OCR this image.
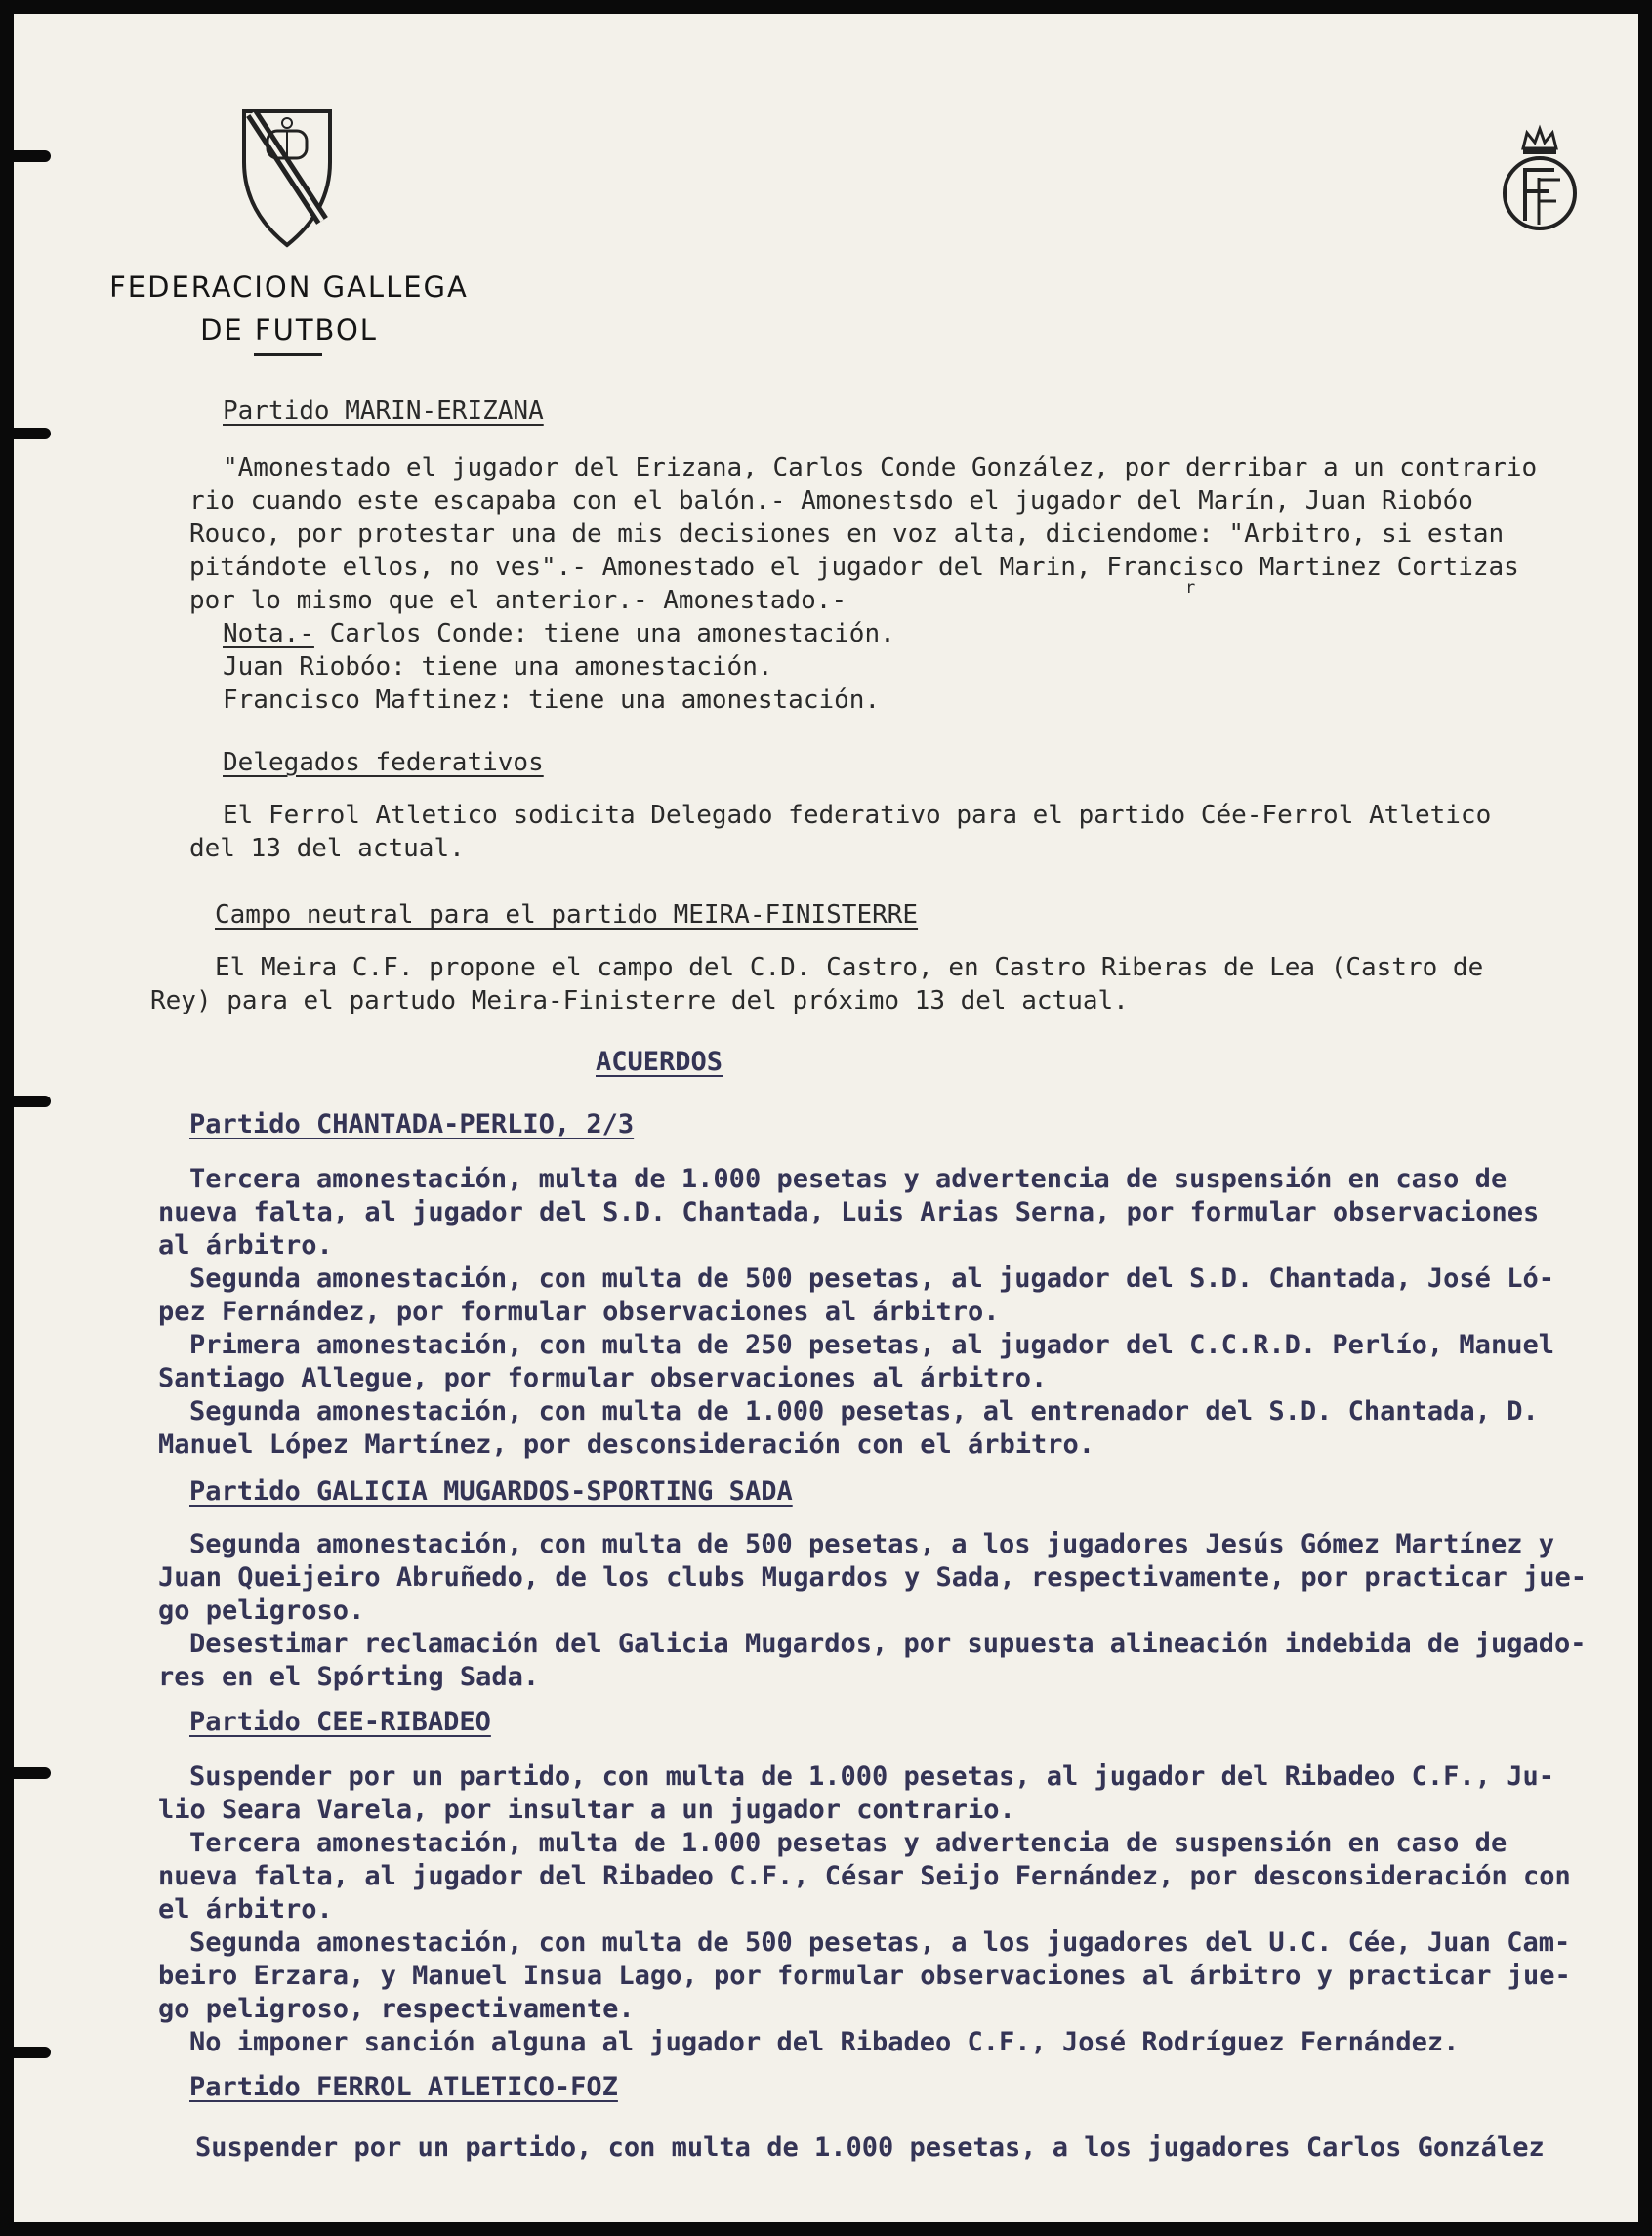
FEDERACION GALLEGA
DE FUTBOL
Partido MARIN-ERIZANA
"Amonestado el jugador del Erizana, Carlos Conde González, por derribar a un contrario
rio cuando este escapaba con el balón.- Amonestsdo el jugador del Marín, Juan Riobóo
Rouco, por protestar una de mis decisiones en voz alta, diciendome: "Arbitro, si estan
pitándote ellos, no ves".- Amonestado el jugador del Marin, Francisco Martinez Cortizas
r
por lo mismo que el anterior.- Amonestado.-
Nota.- Carlos Conde: tiene una amonestación.
Juan Riobóo: tiene una amonestación.
Francisco Maftinez: tiene una amonestación.
Delegados federativos
El Ferrol Atletico sodicita Delegado federativo para el partido Cée-Ferrol Atletico
del 13 del actual.
Campo neutral para el partido MEIRA-FINISTERRE
El Meira C.F. propone el campo del C.D. Castro, en Castro Riberas de Lea (Castro de
Rey) para el partudo Meira-Finisterre del próximo 13 del actual.
ACUERDOS
Partido CHANTADA-PERLIO, 2/3
Tercera amonestación, multa de 1.000 pesetas y advertencia de suspensión en caso de
nueva falta, al jugador del S.D. Chantada, Luis Arias Serna, por formular observaciones
al árbitro.
Segunda amonestación, con multa de 500 pesetas, al jugador del S.D. Chantada, José Ló-
pez Fernández, por formular observaciones al árbitro.
Primera amonestación, con multa de 250 pesetas, al jugador del C.C.R.D. Perlío, Manuel
Santiago Allegue, por formular observaciones al árbitro.
Segunda amonestación, con multa de 1.000 pesetas, al entrenador del S.D. Chantada, D.
Manuel López Martínez, por desconsideración con el árbitro.
Partido GALICIA MUGARDOS-SPORTING SADA
Segunda amonestación, con multa de 500 pesetas, a los jugadores Jesús Gómez Martínez y
Juan Queijeiro Abruñedo, de los clubs Mugardos y Sada, respectivamente, por practicar jue-
go peligroso.
Desestimar reclamación del Galicia Mugardos, por supuesta alineación indebida de jugado-
res en el Spórting Sada.
Partido CEE-RIBADEO
Suspender por un partido, con multa de 1.000 pesetas, al jugador del Ribadeo C.F., Ju-
lio Seara Varela, por insultar a un jugador contrario.
Tercera amonestación, multa de 1.000 pesetas y advertencia de suspensión en caso de
nueva falta, al jugador del Ribadeo C.F., César Seijo Fernández, por desconsideración con
el árbitro.
Segunda amonestación, con multa de 500 pesetas, a los jugadores del U.C. Cée, Juan Cam-
beiro Erzara, y Manuel Insua Lago, por formular observaciones al árbitro y practicar jue-
go peligroso, respectivamente.
No imponer sanción alguna al jugador del Ribadeo C.F., José Rodríguez Fernández.
Partido FERROL ATLETICO-FOZ
Suspender por un partido, con multa de 1.000 pesetas, a los jugadores Carlos González
